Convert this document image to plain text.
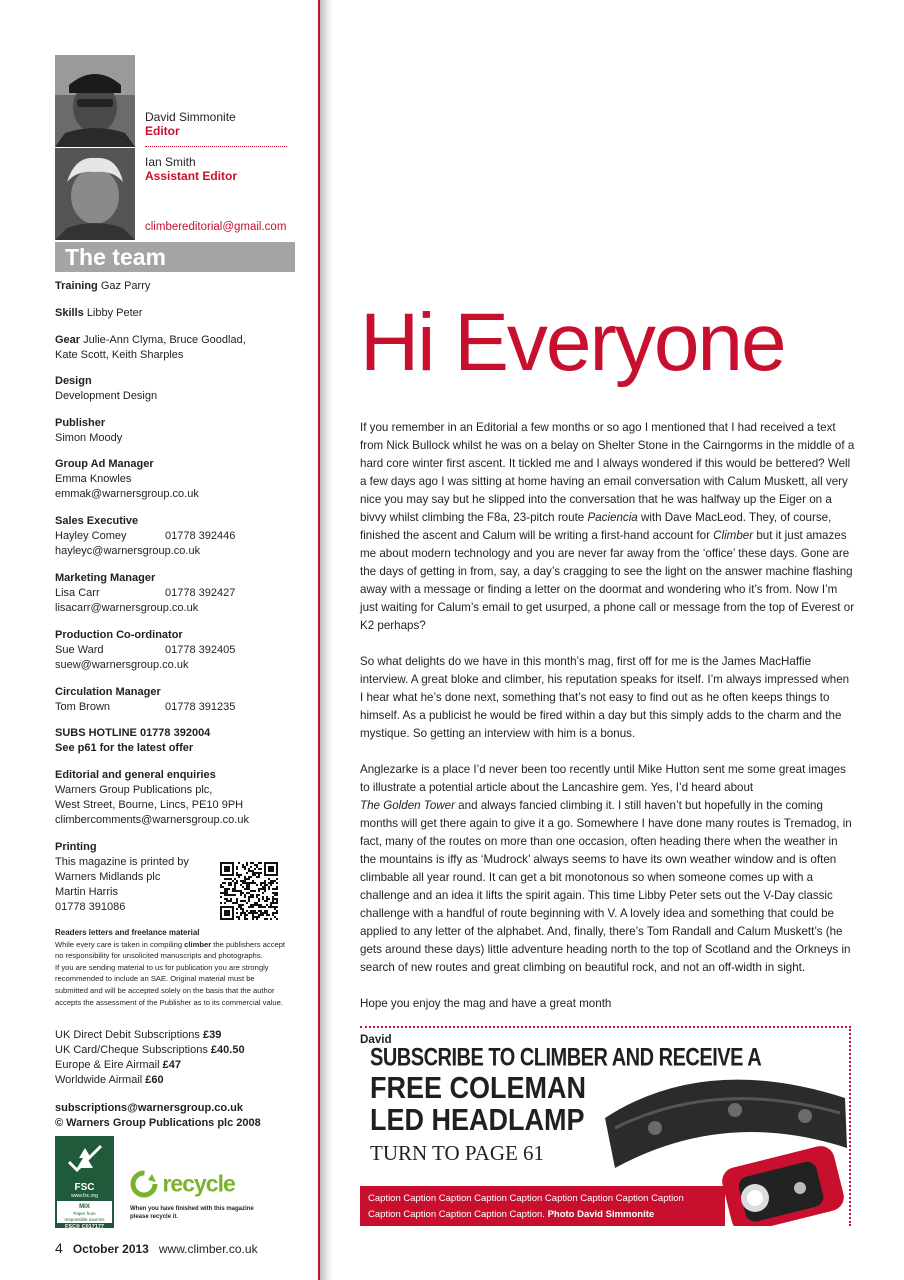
David Simmonite
Editor
Ian Smith
Assistant Editor
climbereditorial@gmail.com
The team
Training Gaz Parry
Skills Libby Peter
Gear Julie-Ann Clyma, Bruce Goodlad,
Kate Scott, Keith Sharples
Design
Development Design
Publisher
Simon Moody
Group Ad Manager
Emma Knowles
emmak@warnersgroup.co.uk
Sales Executive
Hayley Comey	01778 392446

hayleyc@warnersgroup.co.uk
Marketing Manager
Lisa Carr	01778 392427

lisacarr@warnersgroup.co.uk
Production Co-ordinator
Sue Ward	01778 392405

suew@warnersgroup.co.uk
Circulation Manager
Tom Brown	01778 391235
SUBS HOTLINE 01778 392004
See p61 for the latest offer
Editorial and general enquiries
Warners Group Publications plc,
West Street, Bourne, Lincs, PE10 9PH
climbercomments@warnersgroup.co.uk
Printing
This magazine is printed by
Warners Midlands plc
Martin Harris
01778 391086
Readers letters and freelance material
While every care is taken in compiling climber the publishers accept
no responsibility for unsolicited manuscripts and photographs.
If you are sending material to us for publication you are strongly
recommended to include an SAE. Original material must be
submitted and will be accepted solely on the basis that the author
accepts the assessment of the Publisher as to its commercial value.
UK Direct Debit Subscriptions £39
UK Card/Cheque Subscriptions £40.50
Europe & Eire Airmail £47
Worldwide Airmail £60
subscriptions@warnersgroup.co.uk
© Warners Group Publications plc 2008
FSC
www.fsc.org
MIX
Paper from
responsible sources
FSC® C017177
recycle
When you have finished with this magazine
please recycle it.
Hi Everyone

If you remember in an Editorial a few months or so ago I mentioned that I had received a text from Nick Bullock whilst he was on a belay on Shelter Stone in the Cairngorms in the middle of a hard core winter first ascent. It tickled me and I always wondered if this would be bettered? Well a few days ago I was sitting at home having an email conversation with Calum Muskett, all very nice you may say but he slipped into the conversation that he was halfway up the Eiger on a bivvy whilst climbing the F8a, 23-pitch route Paciencia with Dave MacLeod. They, of course, finished the ascent and Calum will be writing a first-hand account for Climber but it just amazes me about modern technology and you are never far away from the ‘office’ these days. Gone are the days of getting in from, say, a day’s cragging to see the light on the answer machine flashing away with a message or finding a letter on the doormat and wondering who it’s from. Now I’m just waiting for Calum’s email to get usurped, a phone call or message from the top of Everest or K2 perhaps?

So what delights do we have in this month’s mag, first off for me is the James MacHaffie interview. A great bloke and climber, his reputation speaks for itself. I’m always impressed when I hear what he’s done next, something that’s not easy to find out as he often keeps things to himself. As a publicist he would be fired within a day but this simply adds to the charm and the mystique. So getting an interview with him is a bonus.

Anglezarke is a place I’d never been too recently until Mike Hutton sent me some great images to illustrate a potential article about the Lancashire gem. Yes, I’d heard about
The Golden Tower and always fancied climbing it. I still haven’t but hopefully in the coming months will get there again to give it a go. Somewhere I have done many routes is Tremadog, in fact, many of the routes on more than one occasion, often heading there when the weather in the mountains is iffy as ‘Mudrock’ always seems to have its own weather window and is often climbable all year round. It can get a bit monotonous so when someone comes up with a challenge and an idea it lifts the spirit again. This time Libby Peter sets out the V-Day classic challenge with a handful of route beginning with V. A lovely idea and something that could be applied to any letter of the alphabet. And, finally, there’s Tom Randall and Calum Muskett’s (he gets around these days) little adventure heading north to the top of Scotland and the Orkneys in search of new routes and great climbing on beautiful rock, and not an off-width in sight.

Hope you enjoy the mag and have a great month

David

SUBSCRIBE TO CLIMBER AND RECEIVE A
FREE COLEMAN
LED HEADLAMP
TURN TO PAGE 61
Caption Caption Caption Caption Caption Caption Caption Caption Caption
Caption Caption Caption Caption Caption. Photo David Simmonite
4 October 2013 www.climber.co.uk
